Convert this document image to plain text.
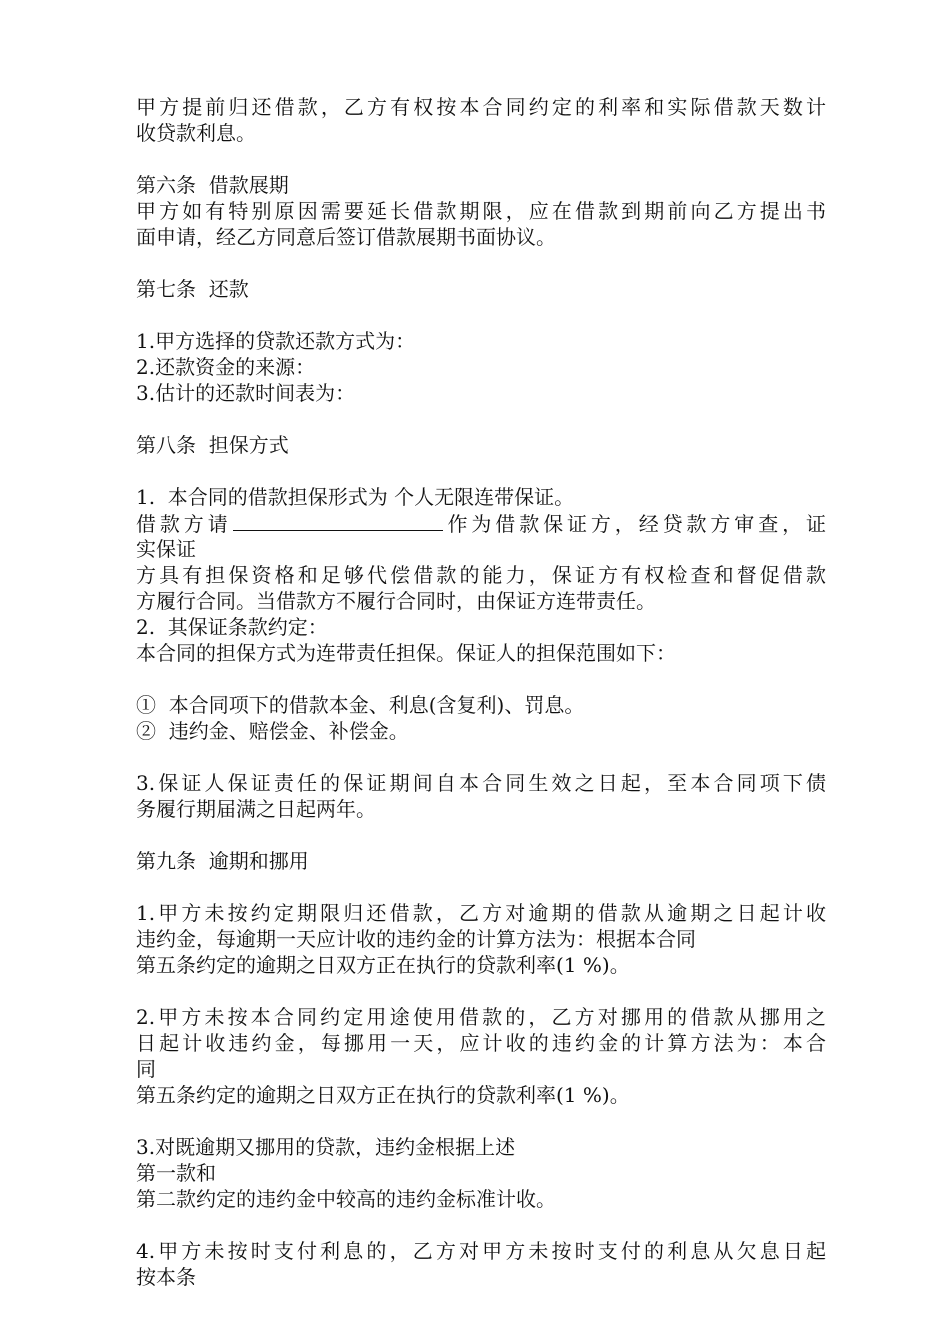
甲方提前归还借款，乙方有权按本合同约定的利率和实际借款天数计
收贷款利息。
第六条  借款展期
甲方如有特别原因需要延长借款期限，应在借款到期前向乙方提出书
面申请，经乙方同意后签订借款展期书面协议。
第七条  还款
1.甲方选择的贷款还款方式为：
2.还款资金的来源：
3.估计的还款时间表为：
第八条  担保方式
1.  本合同的借款担保形式为 个人无限连带保证。
借款方请	作为借款保证方，经贷款方审查，证
实保证
方具有担保资格和足够代偿借款的能力，保证方有权检查和督促借款
方履行合同。当借款方不履行合同时，由保证方连带责任。
2.  其保证条款约定：
本合同的担保方式为连带责任担保。保证人的担保范围如下：
①  本合同项下的借款本金、利息(含复利)、罚息。
②  违约金、赔偿金、补偿金。
3.保证人保证责任的保证期间自本合同生效之日起，至本合同项下债
务履行期届满之日起两年。
第九条  逾期和挪用
1.甲方未按约定期限归还借款，乙方对逾期的借款从逾期之日起计收
违约金，每逾期一天应计收的违约金的计算方法为：根据本合同
第五条约定的逾期之日双方正在执行的贷款利率(1 %)。
2.甲方未按本合同约定用途使用借款的，乙方对挪用的借款从挪用之
日起计收违约金，每挪用一天，应计收的违约金的计算方法为：本合
同
第五条约定的逾期之日双方正在执行的贷款利率(1 %)。
3.对既逾期又挪用的贷款，违约金根据上述
第一款和
第二款约定的违约金中较高的违约金标准计收。
4.甲方未按时支付利息的，乙方对甲方未按时支付的利息从欠息日起
按本条
